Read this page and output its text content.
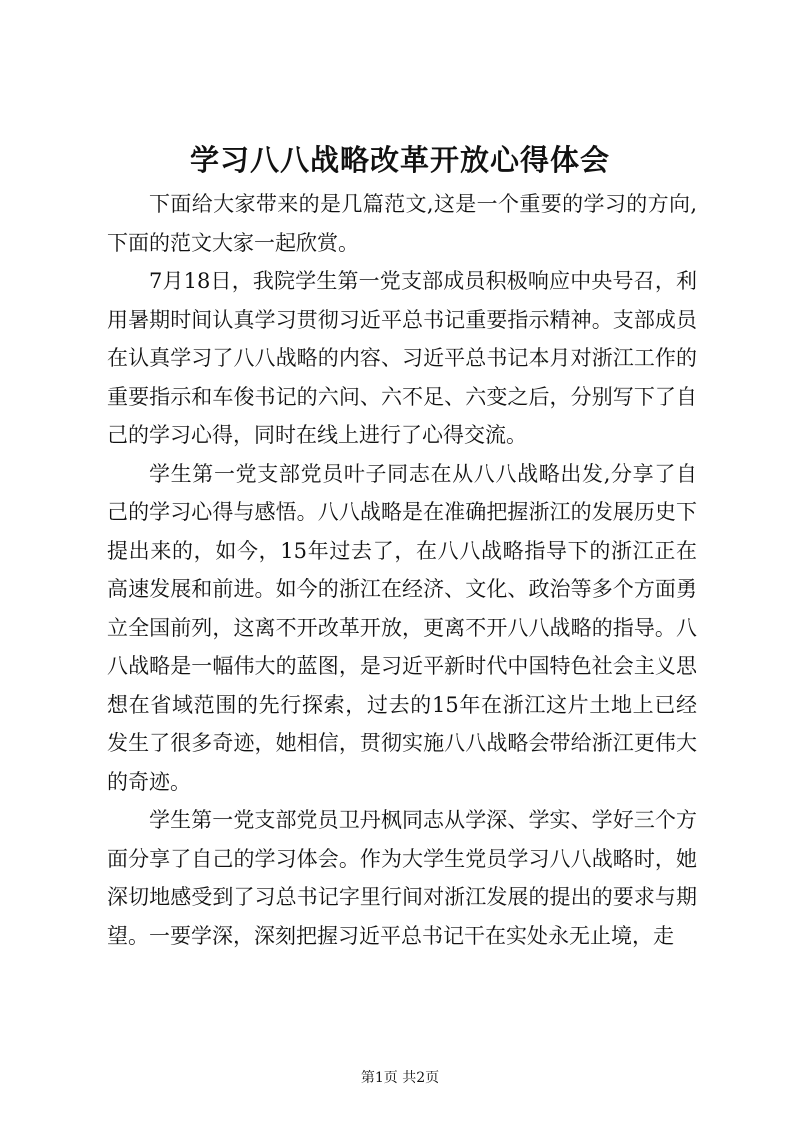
学习八八战略改革开放心得体会

下面给大家带来的是几篇范文,这是一个重要的学习的方向,下面的范文大家一起欣赏。

7月18日，我院学生第一党支部成员积极响应中央号召，利用暑期时间认真学习贯彻习近平总书记重要指示精神。支部成员在认真学习了八八战略的内容、习近平总书记本月对浙江工作的重要指示和车俊书记的六问、六不足、六变之后，分别写下了自己的学习心得，同时在线上进行了心得交流。

学生第一党支部党员叶子同志在从八八战略出发,分享了自己的学习心得与感悟。八八战略是在准确把握浙江的发展历史下提出来的，如今，15年过去了，在八八战略指导下的浙江正在高速发展和前进。如今的浙江在经济、文化、政治等多个方面勇立全国前列，这离不开改革开放，更离不开八八战略的指导。八八战略是一幅伟大的蓝图，是习近平新时代中国特色社会主义思想在省域范围的先行探索，过去的15年在浙江这片土地上已经发生了很多奇迹，她相信，贯彻实施八八战略会带给浙江更伟大的奇迹。

学生第一党支部党员卫丹枫同志从学深、学实、学好三个方面分享了自己的学习体会。作为大学生党员学习八八战略时，她深切地感受到了习总书记字里行间对浙江发展的提出的要求与期望。一要学深，深刻把握习近平总书记干在实处永无止境，走

第1页 共2页
